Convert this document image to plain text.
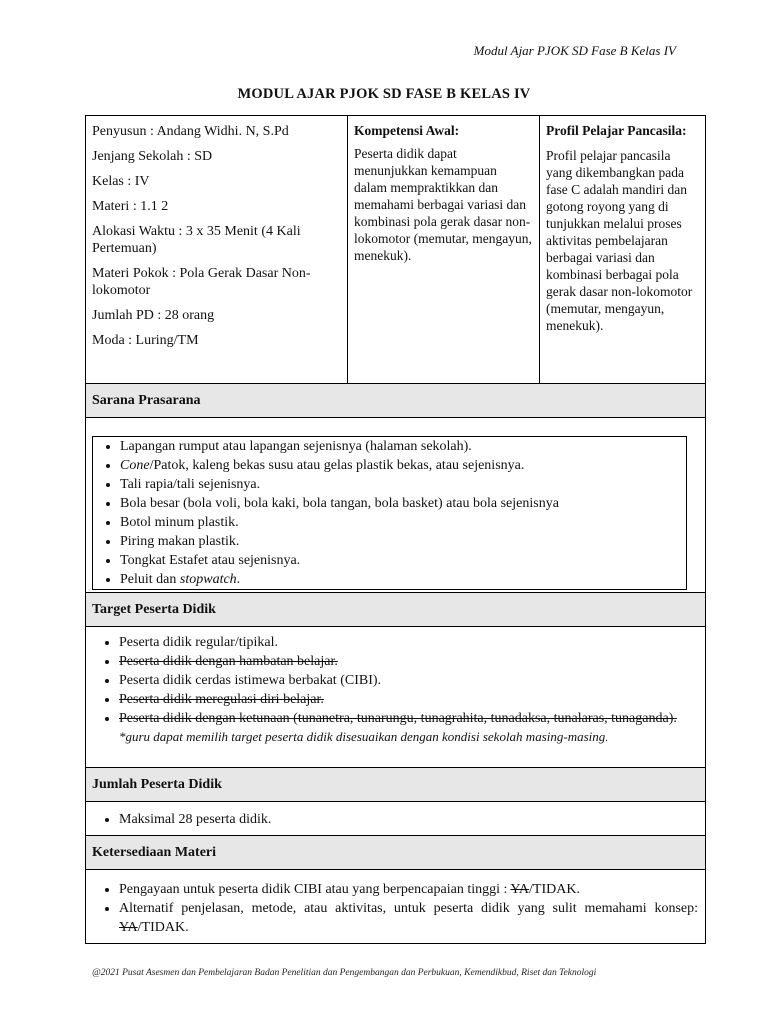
Modul Ajar PJOK SD Fase B Kelas IV
MODUL AJAR PJOK SD FASE B KELAS IV

Penyusun : Andang Widhi. N, S.Pd

Jenjang Sekolah : SD

Kelas : IV

Materi : 1.1 2

Alokasi Waktu : 3 x 35 Menit (4 Kali Pertemuan)

Materi Pokok : Pola Gerak Dasar Non-lokomotor

Jumlah PD : 28 orang

Moda : Luring/TM

Kompetensi Awal:

Peserta didik dapat menunjukkan kemampuan dalam mempraktikkan dan memahami berbagai variasi dan kombinasi pola gerak dasar non-lokomotor (memutar, mengayun, menekuk).

Profil Pelajar Pancasila:

Profil pelajar pancasila yang dikembangkan pada fase C adalah mandiri dan gotong royong yang di tunjukkan melalui proses aktivitas pembelajaran berbagai variasi dan kombinasi berbagai pola gerak dasar non-lokomotor (memutar, mengayun, menekuk).

Sarana Prasarana

• Lapangan rumput atau lapangan sejenisnya (halaman sekolah).
• Cone/Patok, kaleng bekas susu atau gelas plastik bekas, atau sejenisnya.
• Tali rapia/tali sejenisnya.
• Bola besar (bola voli, bola kaki, bola tangan, bola basket) atau bola sejenisnya
• Botol minum plastik.
• Piring makan plastik.
• Tongkat Estafet atau sejenisnya.
• Peluit dan stopwatch.

Target Peserta Didik

• Peserta didik regular/tipikal.
• Peserta didik dengan hambatan belajar.
• Peserta didik cerdas istimewa berbakat (CIBI).
• Peserta didik meregulasi diri belajar.
• Peserta didik dengan ketunaan (tunanetra, tunarungu, tunagrahita, tunadaksa, tunalaras, tunaganda).

*guru dapat memilih target peserta didik disesuaikan dengan kondisi sekolah masing-masing.

Jumlah Peserta Didik

• Maksimal 28 peserta didik.

Ketersediaan Materi

• Pengayaan untuk peserta didik CIBI atau yang berpencapaian tinggi : YA/TIDAK.
• Alternatif penjelasan, metode, atau aktivitas, untuk peserta didik yang sulit memahami konsep: YA/TIDAK.
@2021 Pusat Asesmen dan Pembelajaran Badan Penelitian dan Pengembangan dan Perbukuan, Kemendikbud, Riset dan Teknologi
